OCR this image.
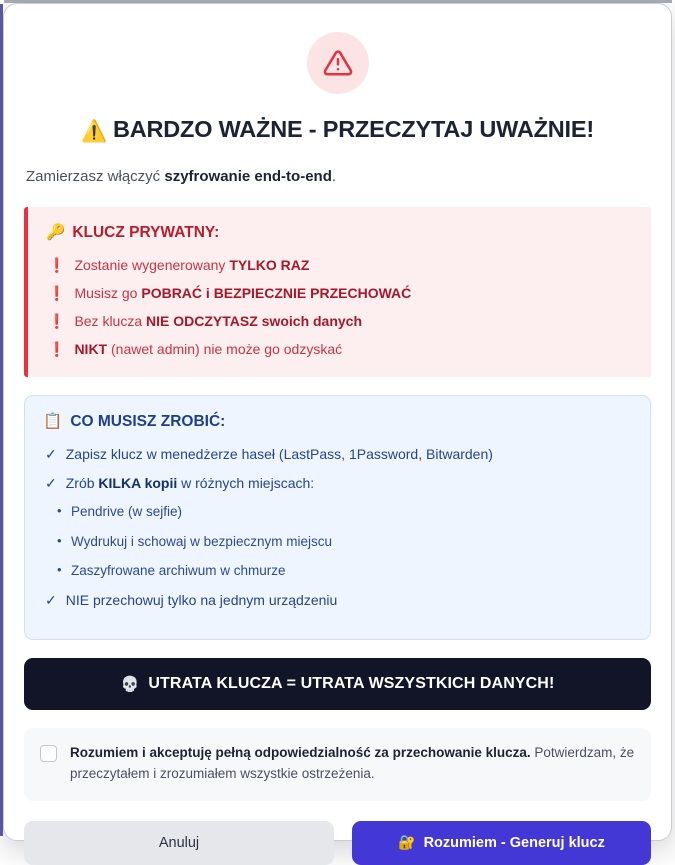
⚠️ BARDZO WAŻNE - PRZECZYTAJ UWAŻNIE!
Zamierzasz włączyć szyfrowanie end-to-end.
🔑 KLUCZ PRYWATNY:
❗ Zostanie wygenerowany TYLKO RAZ
❗ Musisz go POBRAĆ i BEZPIECZNIE PRZECHOWAĆ
❗ Bez klucza NIE ODCZYTASZ swoich danych
❗ NIKT (nawet admin) nie może go odzyskać
📋 CO MUSISZ ZROBIĆ:
✓ Zapisz klucz w menedżerze haseł (LastPass, 1Password, Bitwarden)
✓ Zrób KILKA kopii w różnych miejscach:
• Pendrive (w sejfie)
• Wydrukuj i schowaj w bezpiecznym miejscu
• Zaszyfrowane archiwum w chmurze
✓ NIE przechowuj tylko na jednym urządzeniu
💀 UTRATA KLUCZA = UTRATA WSZYSTKICH DANYCH!
Rozumiem i akceptuję pełną odpowiedzialność za przechowanie klucza. Potwierdzam, że przeczytałem i zrozumiałem wszystkie ostrzeżenia.
Anuluj	🔐 Rozumiem - Generuj klucz
